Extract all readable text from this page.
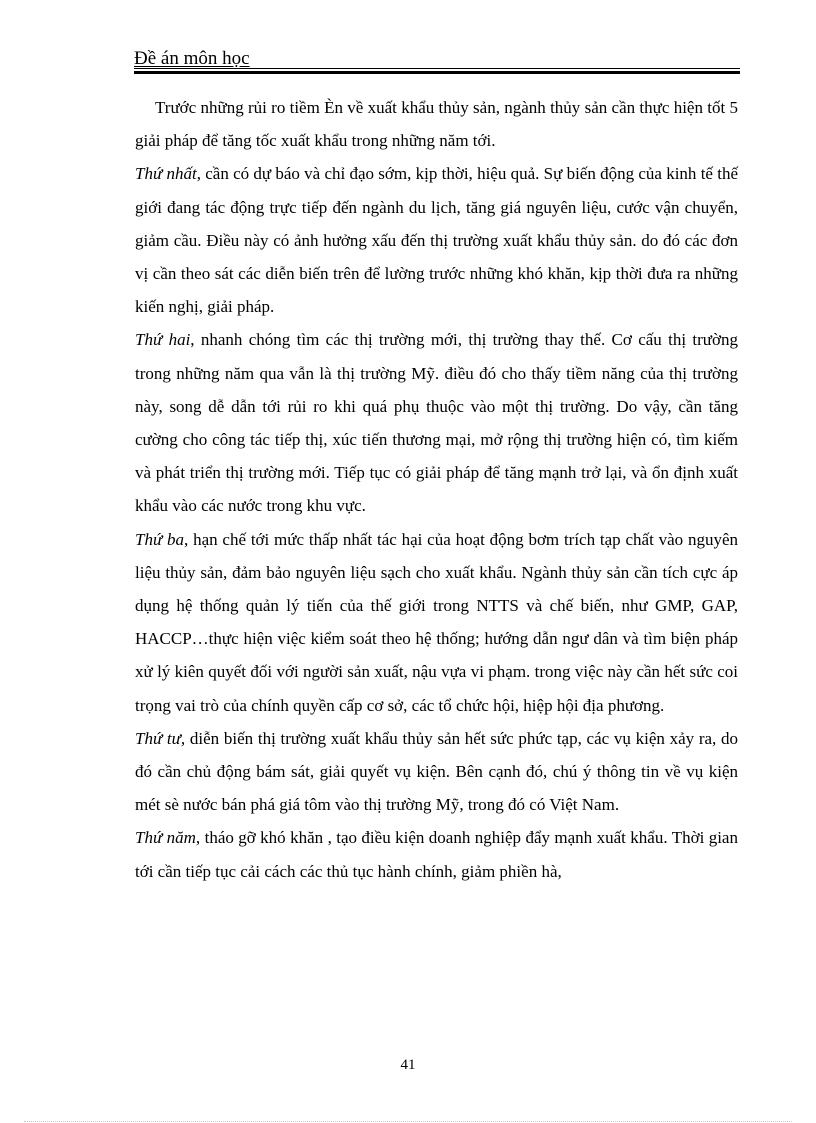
Đề án môn học

Trước những rủi ro tiềm Èn về xuất khẩu thủy sản, ngành thủy sản cần thực hiện tốt 5 giải pháp để tăng tốc xuất khẩu trong những năm tới.

Thứ nhất, cần có dự báo và chỉ đạo sớm, kịp thời, hiệu quả. Sự biến động của kinh tế thế giới đang tác động trực tiếp đến ngành du lịch, tăng giá nguyên liệu, cước vận chuyển, giảm cầu. Điều này có ảnh hưởng xấu đến thị trường xuất khẩu thủy sản. do đó các đơn vị cần theo sát các diễn biến trên để lường trước những khó khăn, kịp thời đưa ra những kiến nghị, giải pháp.

Thứ hai, nhanh chóng tìm các thị trường mới, thị trường thay thế. Cơ cấu thị trường trong những năm qua vẫn là thị trường Mỹ. điều đó cho thấy tiềm năng của thị trường này, song dễ dẫn tới rủi ro khi quá phụ thuộc vào một thị trường. Do vậy, cần tăng cường cho công tác tiếp thị, xúc tiến thương mại, mở rộng thị trường hiện có, tìm kiếm và phát triển thị trường mới. Tiếp tục có giải pháp để tăng mạnh trở lại, và ổn định xuất khẩu vào các nước trong khu vực.

Thứ ba, hạn chế tới mức thấp nhất tác hại của hoạt động bơm trích tạp chất vào nguyên liệu thủy sản, đảm bảo nguyên liệu sạch cho xuất khẩu. Ngành thủy sản cần tích cực áp dụng hệ thống quản lý tiến của thế giới trong NTTS và chế biến, như GMP, GAP, HACCP…thực hiện việc kiểm soát theo hệ thống; hướng dẫn ngư dân và tìm biện pháp xử lý kiên quyết đối với người sản xuất, nậu vựa vi phạm. trong việc này cần hết sức coi trọng vai trò của chính quyền cấp cơ sở, các tổ chức hội, hiệp hội địa phương.

Thứ tư, diễn biến thị trường xuất khẩu thủy sản hết sức phức tạp, các vụ kiện xảy ra, do đó cần chủ động bám sát, giải quyết vụ kiện. Bên cạnh đó, chú ý thông tin về vụ kiện mét sè nước bán phá giá tôm vào thị trường Mỹ, trong đó có Việt Nam.

Thứ năm, tháo gỡ khó khăn , tạo điều kiện doanh nghiệp đẩy mạnh xuất khẩu. Thời gian tới cần tiếp tục cải cách các thủ tục hành chính, giảm phiền hà,

41
